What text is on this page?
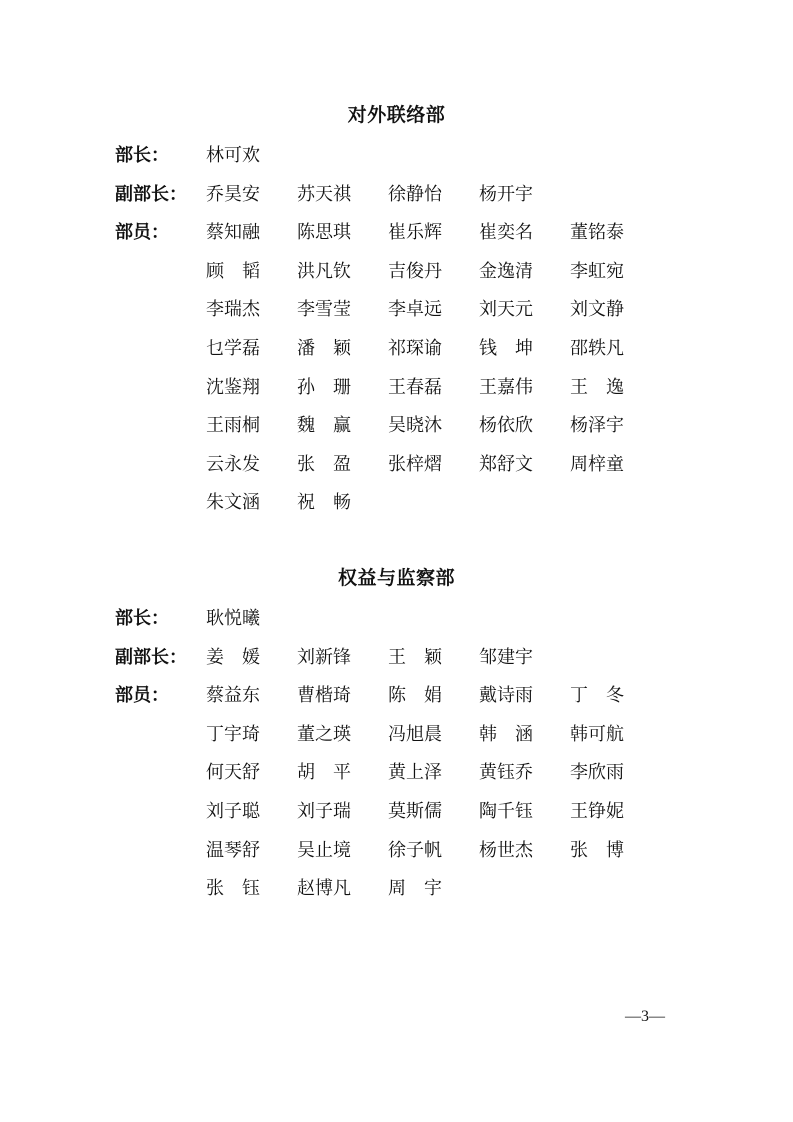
对外联络部
部长： 林可欢
副部长： 乔昊安 苏天祺 徐静怡 杨开宇
部员： 蔡知融 陈思琪 崔乐辉 崔奕名 董铭泰
顾　韬 洪凡钦 吉俊丹 金逸清 李虹宛
李瑞杰 李雪莹 李卓远 刘天元 刘文静
乜学磊 潘　颖 祁琛谕 钱　坤 邵轶凡
沈鉴翔 孙　珊 王春磊 王嘉伟 王　逸
王雨桐 魏　赢 吴晓沐 杨依欣 杨泽宇
云永发 张　盈 张梓熠 郑舒文 周梓童
朱文涵 祝　畅
权益与监察部
部长： 耿悦曦
副部长： 姜　媛 刘新锋 王　颖 邹建宇
部员： 蔡益东 曹楷琦 陈　娟 戴诗雨 丁　冬
丁宇琦 董之瑛 冯旭晨 韩　涵 韩可航
何天舒 胡　平 黄上泽 黄钰乔 李欣雨
刘子聪 刘子瑞 莫斯儒 陶千钰 王铮妮
温琴舒 吴止境 徐子帆 杨世杰 张　博
张　钰 赵博凡 周　宇
—3—
